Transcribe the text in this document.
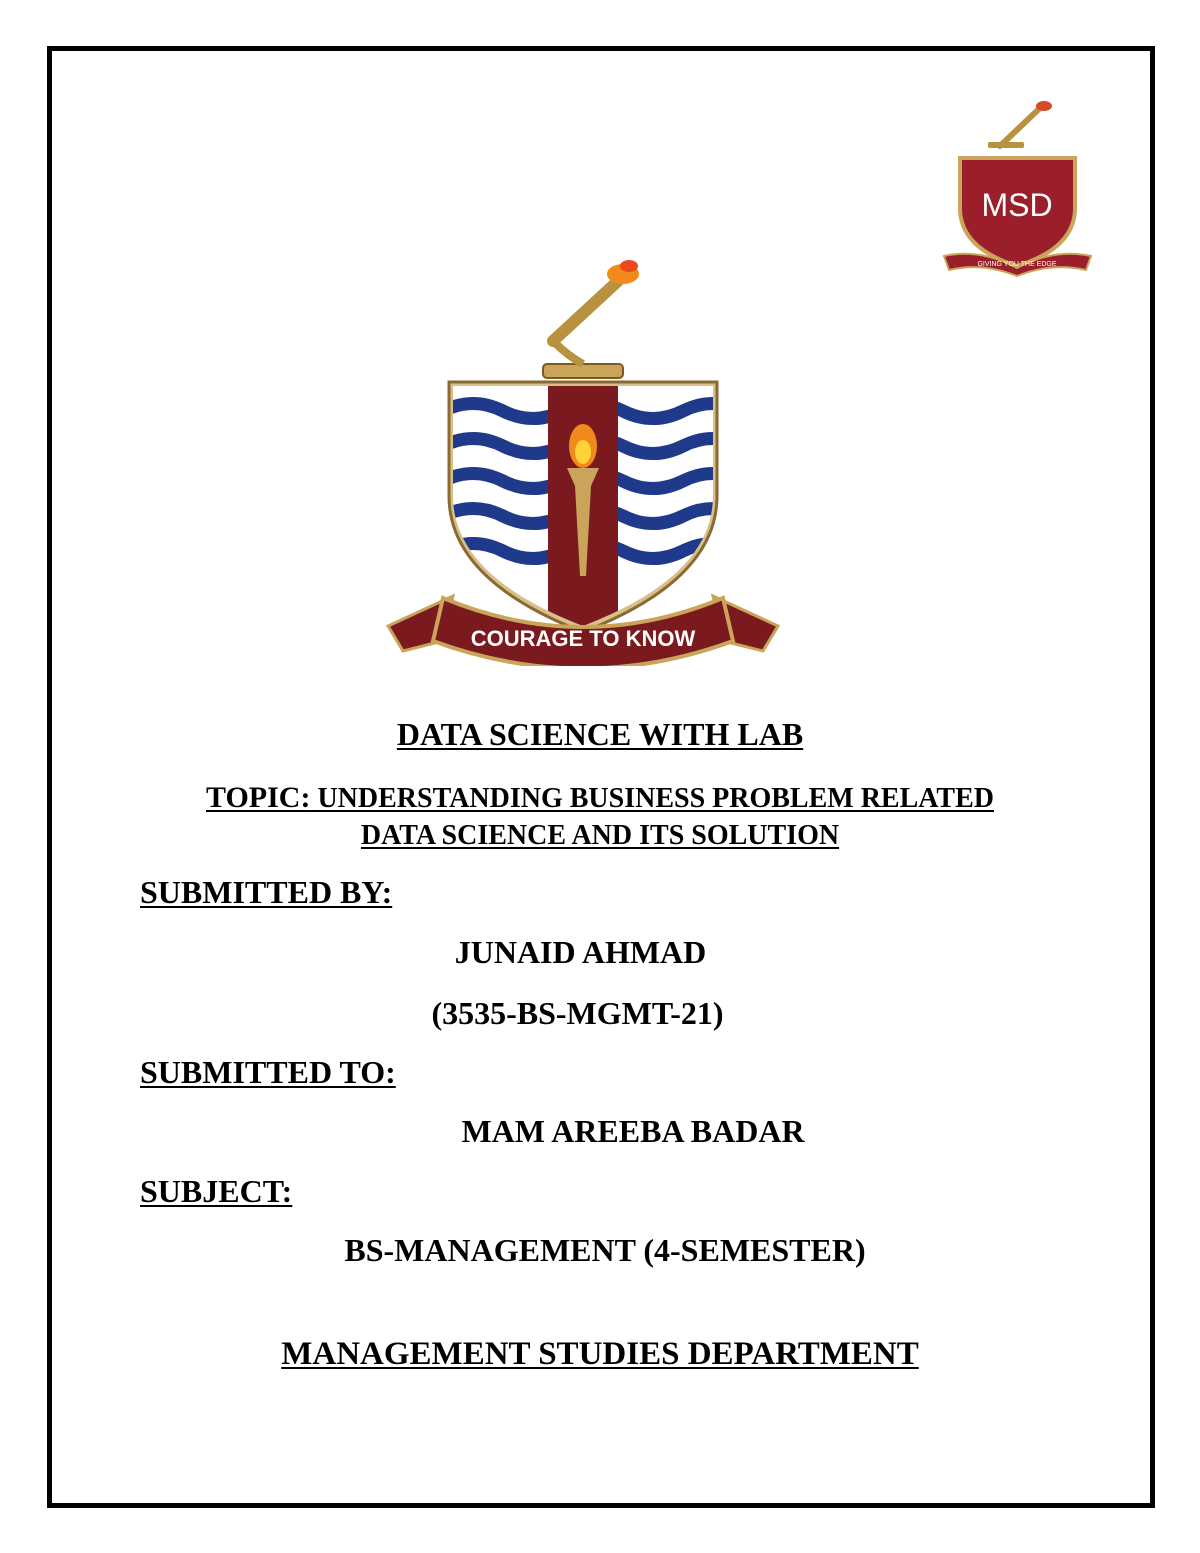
MSD
GIVING YOU THE EDGE
COURAGE TO KNOW
DATA SCIENCE WITH LAB
TOPIC: UNDERSTANDING BUSINESS PROBLEM RELATED
DATA SCIENCE AND ITS SOLUTION
SUBMITTED BY:
JUNAID AHMAD
(3535-BS-MGMT-21)
SUBMITTED TO:
MAM AREEBA BADAR
SUBJECT:
BS-MANAGEMENT (4-SEMESTER)
MANAGEMENT STUDIES DEPARTMENT
